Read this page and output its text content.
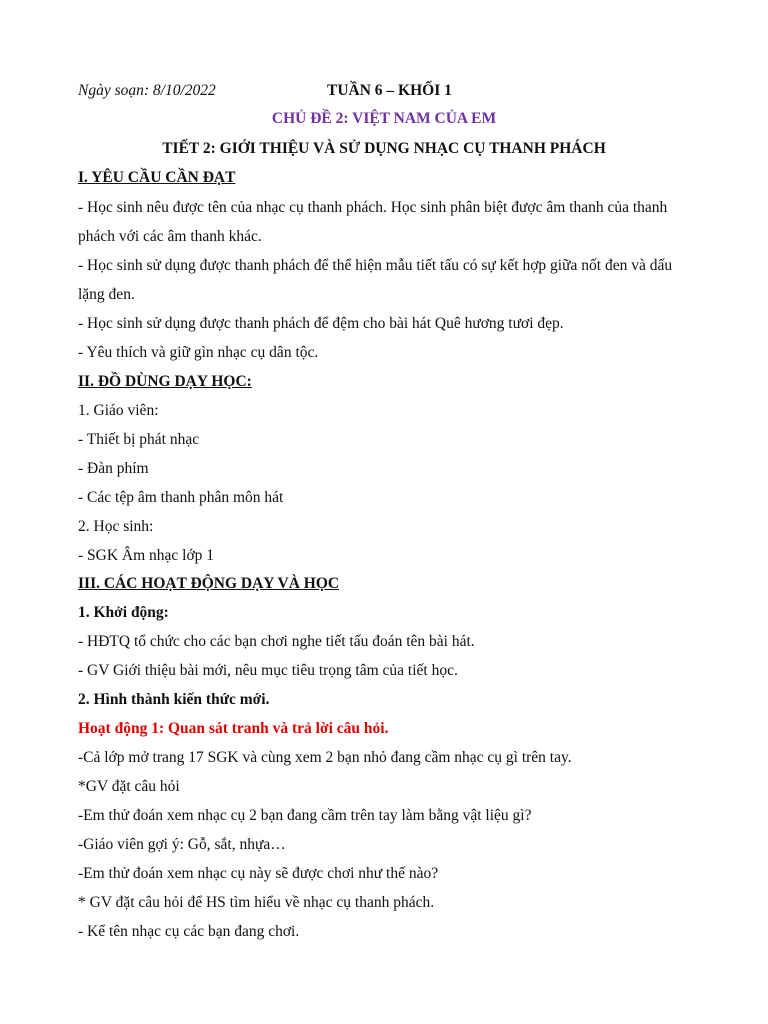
Ngày soạn: 8/10/2022	TUẦN 6 – KHỐI 1
CHỦ ĐỀ 2: VIỆT NAM CỦA EM
TIẾT 2: GIỚI THIỆU VÀ SỬ DỤNG NHẠC CỤ THANH PHÁCH
I. YÊU CẦU CẦN ĐẠT
- Học sinh nêu được tên của nhạc cụ thanh phách. Học sinh phân biệt được âm thanh của thanh
phách với các âm thanh khác.
- Học sinh sử dụng được thanh phách để thể hiện mẫu tiết tấu có sự kết hợp giữa nốt đen và dấu
lặng đen.
- Học sinh sử dụng được thanh phách để đệm cho bài hát Quê hương tươi đẹp.
- Yêu thích và giữ gìn nhạc cụ dân tộc.
II. ĐỒ DÙNG DẠY HỌC:
1. Giáo viên:
- Thiết bị phát nhạc
- Đàn phím
- Các tệp âm thanh phân môn hát
2. Học sinh:
- SGK Âm nhạc lớp 1
III. CÁC HOẠT ĐỘNG DẠY VÀ HỌC
1. Khởi động:
- HĐTQ tổ chức cho các bạn chơi nghe tiết tấu đoán tên bài hát.
- GV Giới thiệu bài mới, nêu mục tiêu trọng tâm của tiết học.
2. Hình thành kiến thức mới.
Hoạt động 1: Quan sát tranh và trả lời câu hỏi.
-Cả lớp mở trang 17 SGK và cùng xem 2 bạn nhỏ đang cầm nhạc cụ gì trên tay.
*GV đặt câu hỏi
-Em thử đoán xem nhạc cụ 2 bạn đang cầm trên tay làm bằng vật liệu gì?
-Giáo viên gợi ý: Gỗ, sắt, nhựa…
-Em thử đoán xem nhạc cụ này sẽ được chơi như thế nào?
* GV đặt câu hỏi để HS tìm hiểu về nhạc cụ thanh phách.
- Kể tên nhạc cụ các bạn đang chơi.
